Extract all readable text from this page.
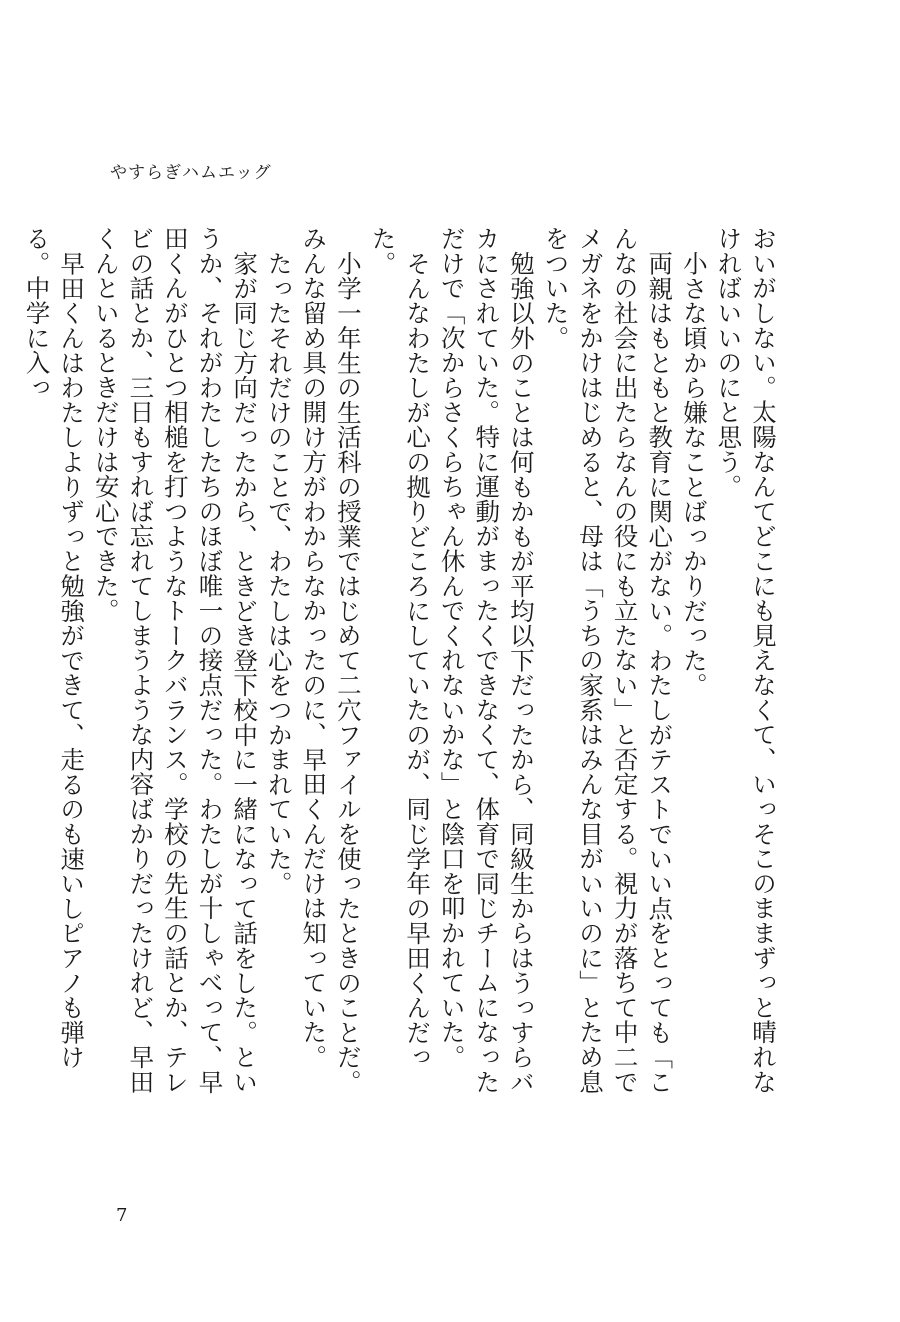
やすらぎハムエッグ

おいがしない。太陽なんてどこにも見えなくて、いっそこのままずっと晴れなければいいのにと思う。

小さな頃から嫌なことばっかりだった。

両親はもともと教育に関心がない。わたしがテストでいい点をとっても「こんなの社会に出たらなんの役にも立たない」と否定する。視力が落ちて中二でメガネをかけはじめると、母は「うちの家系はみんな目がいいのに」とため息をついた。

勉強以外のことは何もかもが平均以下だったから、同級生からはうっすらバカにされていた。特に運動がまったくできなくて、体育で同じチームになっただけで「次からさくらちゃん休んでくれないかな」と陰口を叩かれていた。

そんなわたしが心の拠りどころにしていたのが、同じ学年の早田くんだった。

小学一年生の生活科の授業ではじめて二穴ファイルを使ったときのことだ。みんな留め具の開け方がわからなかったのに、早田くんだけは知っていた。

たったそれだけのことで、わたしは心をつかまれていた。

家が同じ方向だったから、ときどき登下校中に一緒になって話をした。というか、それがわたしたちのほぼ唯一の接点だった。わたしが十しゃべって、早田くんがひとつ相槌を打つようなトークバランス。学校の先生の話とか、テレビの話とか、三日もすれば忘れてしまうような内容ばかりだったけれど、早田くんといるときだけは安心できた。

早田くんはわたしよりずっと勉強ができて、走るのも速いしピアノも弾ける。中学に入っ

7
